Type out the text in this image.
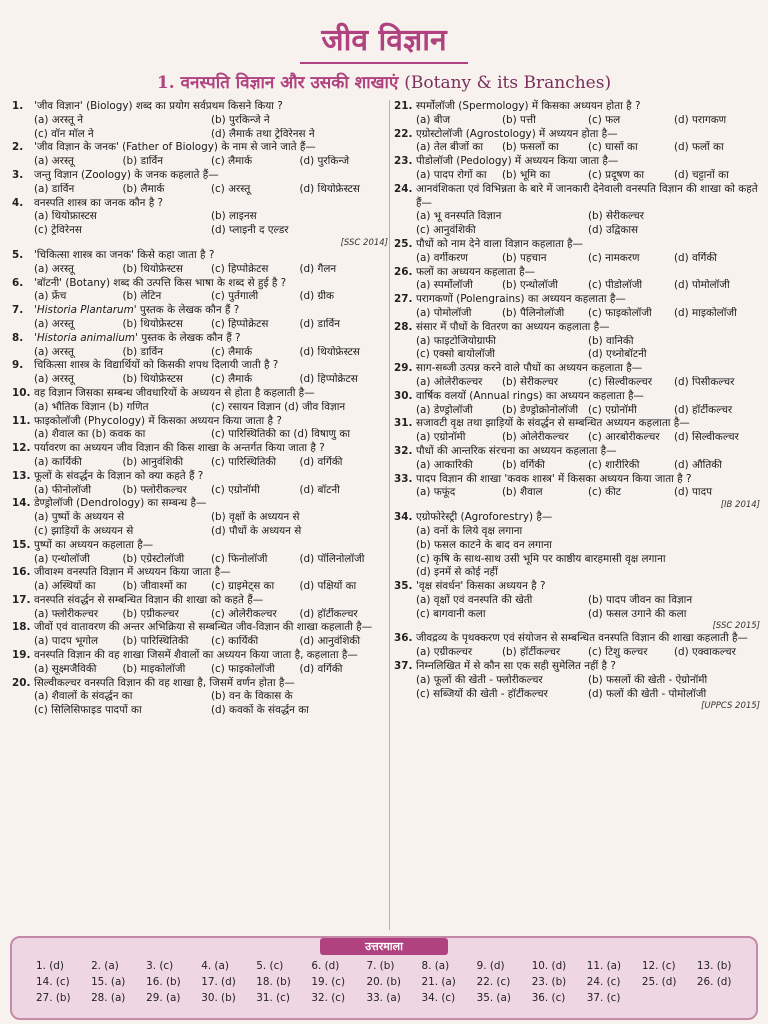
जीव विज्ञान
1. वनस्पति विज्ञान और उसकी शाखाएं (Botany & its Branches)
1.	'जीव विज्ञान' (Biology) शब्द का प्रयोग सर्वप्रथम किसने किया ?
(a) अरस्तू ने	(b) पुरकिन्जे ने
(c) वॉन मॉल ने	(d) लैमार्क तथा ट्रेविरेनस ने
2.	'जीव विज्ञान के जनक' (Father of Biology) के नाम से जाने जाते हैं—
(a) अरस्तू	(b) डार्विन	(c) लैमार्क	(d) पुरकिन्जे
3.	जन्तु विज्ञान (Zoology) के जनक कहलाते हैं—
(a) डार्विन	(b) लैमार्क	(c) अरस्तू	(d) थियोफ्रेस्टस
4.	वनस्पति शास्त्र का जनक कौन है ?
(a) थियोफ्रास्टस	(b) लाइनस
(c) ट्रेविरेनस	(d) प्लाइनी द एल्डर
[SSC 2014]
5.	'चिकित्सा शास्त्र का जनक' किसे कहा जाता है ?
(a) अरस्तू	(b) थियोफ्रेस्टस	(c) हिप्पोक्रेटस	(d) गैलन
6.	'बॉटनी' (Botany) शब्द की उत्पत्ति किस भाषा के शब्द से हुई है ?
(a) फ्रेंच	(b) लेटिन	(c) पुर्तगाली	(d) ग्रीक
7.	'Historia Plantarum' पुस्तक के लेखक कौन हैं ?
(a) अरस्तू	(b) थियोफ्रेस्टस	(c) हिप्पोक्रेटस	(d) डार्विन
8.	'Historia animalium' पुस्तक के लेखक कौन हैं ?
(a) अरस्तू	(b) डार्विन	(c) लैमार्क	(d) थियोफ्रेस्टस
9.	चिकित्सा शास्त्र के विद्यार्थियों को किसकी शपथ दिलायी जाती है ?
(a) अरस्तू	(b) थियोफ्रेस्टस	(c) लैमार्क	(d) हिप्पोक्रेटस
10. वह विज्ञान जिसका सम्बन्ध जीवधारियों के अध्ययन से होता है कहलाती है—
(a) भौतिक विज्ञान (b) गणित	(c) रसायन विज्ञान (d) जीव विज्ञान
11. फाइकोलॉजी (Phycology) में किसका अध्ययन किया जाता है ?
(a) शैवाल का (b) कवक का	(c) पारिस्थितिकी का (d) विषाणु का
12. पर्यावरण का अध्ययन जीव विज्ञान की किस शाखा के अन्तर्गत किया जाता है ?
(a) कार्यिकी	(b) आनुवंशिकी	(c) पारिस्थितिकी	(d) वर्गिकी
13. फूलों के संवर्द्धन के विज्ञान को क्या कहते हैं ?
(a) फीनोलॉजी	(b) फ्लोरीकल्चर	(c) एग्रोनॉमी	(d) बॉटनी
14. डेण्ड्रोलॉजी (Dendrology) का सम्बन्ध है—
(a) पुष्पों के अध्ययन से	(b) वृक्षों के अध्ययन से
(c) झाड़ियों के अध्ययन से	(d) पौधों के अध्ययन से
15. पुष्पों का अध्ययन कहलाता है—
(a) एन्थोलॉजी	(b) एग्रेस्टोलॉजी	(c) फिनोलॉजी	(d) पॉलिनोलॉजी
16. जीवाश्म वनस्पति विज्ञान में अध्ययन किया जाता है—
(a) अस्थियों का	(b) जीवाश्मों का	(c) ग्राइमेट्स का	(d) पक्षियों का
17. वनस्पति संवर्द्धन से सम्बन्धित विज्ञान की शाखा को कहते हैं—
(a) फ्लोरीकल्चर	(b) एग्रीकल्चर	(c) ओलेरीकल्चर	(d) हॉर्टीकल्चर
18. जीवों एवं वातावरण की अन्तर अभिक्रिया से सम्बन्धित जीव-विज्ञान की शाखा कहलाती है—
(a) पादप भूगोल	(b) पारिस्थितिकी	(c) कार्यिकी	(d) आनुवंशिकी
19. वनस्पति विज्ञान की वह शाखा जिसमें शैवालों का अध्ययन किया जाता है, कहलाता है—
(a) सूक्ष्मजैविकी	(b) माइकोलॉजी	(c) फाइकोलॉजी	(d) वर्गिकी
20. सिल्वीकल्चर वनस्पति विज्ञान की वह शाखा है, जिसमें वर्णन होता है—
(a) शैवालों के संवर्द्धन का	(b) वन के विकास के
(c) सिलिसिफाइड पादपों का	(d) कवकों के संवर्द्धन का
21. स्पर्मोलॉजी (Spermology) में किसका अध्ययन होता है ?
(a) बीज	(b) पत्ती	(c) फल	(d) परागकण
22. एग्रोस्टोलॉजी (Agrostology) में अध्ययन होता है—
(a) तेल बीजों का	(b) फसलों का	(c) घासों का	(d) फलों का
23. पीडोलॉजी (Pedology) में अध्ययन किया जाता है—
(a) पादप रोगों का	(b) भूमि का	(c) प्रदूषण का	(d) चट्टानों का
24. आनवंशिकता एवं विभिन्नता के बारे में जानकारी देनेवाली वनस्पति विज्ञान की शाखा को कहते हैं—
(a) भू वनस्पति विज्ञान	(b) सेरीकल्चर
(c) आनुवंशिकी	(d) उद्विकास
25. पौधों को नाम देने वाला विज्ञान कहलाता है—
(a) वर्गीकरण	(b) पहचान	(c) नामकरण	(d) वर्गिकी
26. फलों का अध्ययन कहलाता है—
(a) स्पर्मोलॉजी	(b) एन्थोलॉजी	(c) पीडोलॉजी	(d) पोमोलॉजी
27. परागकणों (Polengrains) का अध्ययन कहलाता है—
(a) पोमोलॉजी	(b) पैलिनोलॉजी	(c) फाइकोलॉजी	(d) माइकोलॉजी
28. संसार में पौधों के वितरण का अध्ययन कहलाता है—
(a) फाइटोजियोग्राफी	(b) वानिकी
(c) एक्सो बायोलॉजी	(d) एथ्नोबॉटनी
29. साग-सब्जी उत्पन्न करने वाले पौधों का अध्ययन कहलाता है—
(a) ओलेरीकल्चर	(b) सेरीकल्चर	(c) सिल्वीकल्चर	(d) पिसीकल्चर
30. वार्षिक वलयों (Annual rings) का अध्ययन कहलाता है—
(a) डेण्ड्रोलॉजी	(b) डेण्ड्रोक्रोनोलॉजी (c) एग्रोनॉमी	(d) हॉर्टीकल्चर
31. सजावटी वृक्ष तथा झाड़ियों के संवर्द्धन से सम्बन्धित अध्ययन कहलाता है—
(a) एग्रोनॉमी	(b) ओलेरीकल्चर	(c) आरबोरीकल्चर	(d) सिल्वीकल्चर
32. पौधों की आन्तरिक संरचना का अध्ययन कहलाता है—
(a) आकारिकी	(b) वर्गिकी	(c) शारीरिकी	(d) औतिकी
33. पादप विज्ञान की शाखा 'कवक शास्त्र' में किसका अध्ययन किया जाता है ?
(a) फफूंद	(b) शैवाल	(c) कीट	(d) पादप
[IB 2014]
34. एग्रोफोरेस्ट्री (Agroforestry) है—
(a) वनों के लिये वृक्ष लगाना
(b) फसल काटने के बाद वन लगाना
(c) कृषि के साथ-साथ उसी भूमि पर काष्ठीय बारहमासी वृक्ष लगाना
(d) इनमें से कोई नहीं
35. 'वृक्ष संवर्धन' किसका अध्ययन है ?
(a) वृक्षों एवं वनस्पति की खेती	(b) पादप जीवन का विज्ञान
(c) बागवानी कला	(d) फसल उगाने की कला
[SSC 2015]
36. जीवद्रव्य के पृथक्करण एवं संयोजन से सम्बन्धित वनस्पति विज्ञान की शाखा कहलाती है—
(a) एग्रीकल्चर	(b) हॉर्टीकल्चर	(c) टिशु कल्चर	(d) एक्वाकल्चर
37. निम्नलिखित में से कौन सा एक सही सुमेलित नहीं है ?
(a) फूलों की खेती - फ्लोरीकल्चर	(b) फसलों की खेती - ऐग्रोनॉमी
(c) सब्जियों की खेती - हॉर्टीकल्चर	(d) फलों की खेती - पोमोलॉजी
[UPPCS 2015]
उत्तरमाला
1. (d)	2. (a)	3. (c)	4. (a)	5. (c)	6. (d)	7. (b)	8. (a)	9. (d)	10. (d)	11. (a)	12. (c)	13. (b)
14. (c)	15. (a)	16. (b)	17. (d)	18. (b)	19. (c)	20. (b)	21. (a)	22. (c)	23. (b)	24. (c)	25. (d)	26. (d)
27. (b)	28. (a)	29. (a)	30. (b)	31. (c)	32. (c)	33. (a)	34. (c)	35. (a)	36. (c)	37. (c)
